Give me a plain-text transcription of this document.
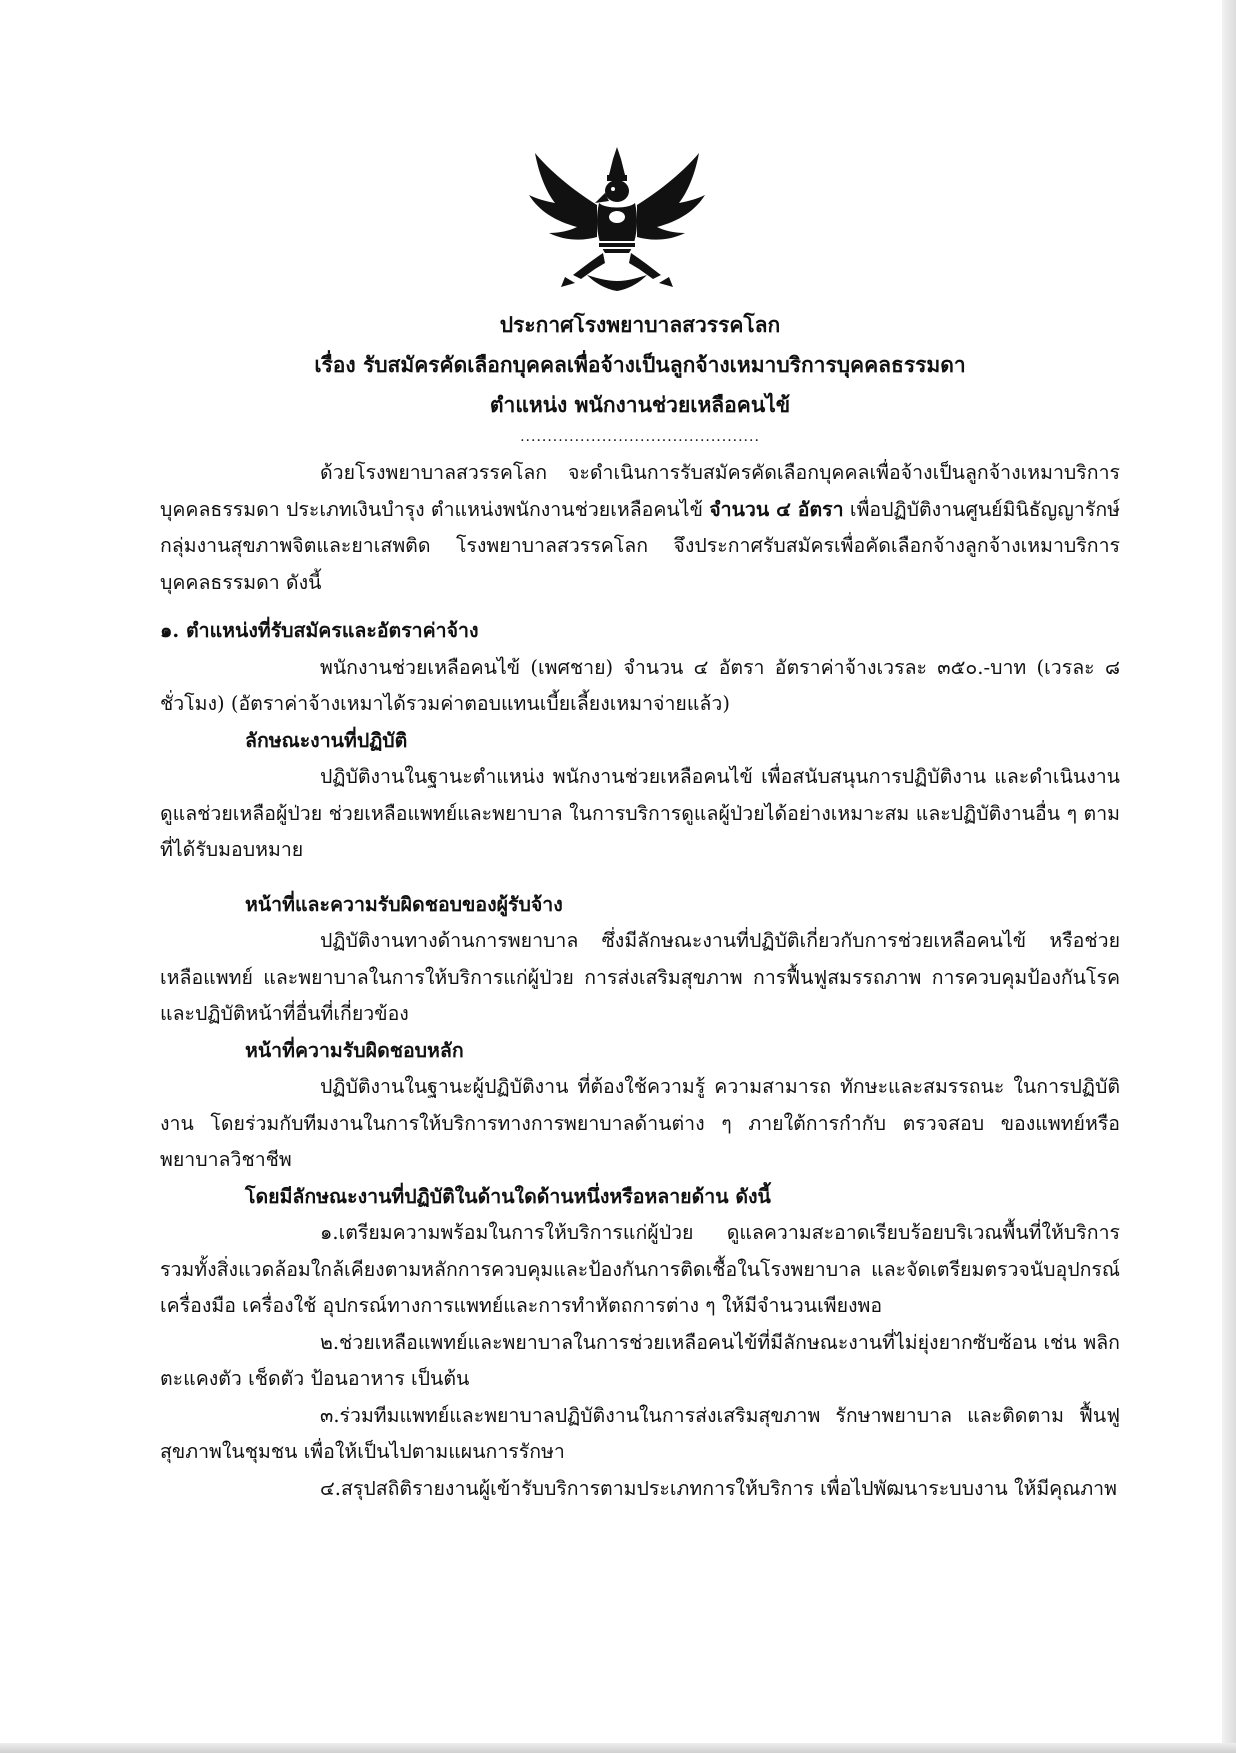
ประกาศโรงพยาบาลสวรรคโลก
เรื่อง รับสมัครคัดเลือกบุคคลเพื่อจ้างเป็นลูกจ้างเหมาบริการบุคคลธรรมดา
ตำแหน่ง พนักงานช่วยเหลือคนไข้
............................................

ด้วยโรงพยาบาลสวรรคโลก จะดำเนินการรับสมัครคัดเลือกบุคคลเพื่อจ้างเป็นลูกจ้างเหมาบริการบุคคลธรรมดา ประเภทเงินบำรุง ตำแหน่งพนักงานช่วยเหลือคนไข้ จำนวน ๔ อัตรา เพื่อปฏิบัติงานศูนย์มินิธัญญารักษ์ กลุ่มงานสุขภาพจิตและยาเสพติด โรงพยาบาลสวรรคโลก จึงประกาศรับสมัครเพื่อคัดเลือกจ้างลูกจ้างเหมาบริการบุคคลธรรมดา ดังนี้

๑. ตำแหน่งที่รับสมัครและอัตราค่าจ้าง

พนักงานช่วยเหลือคนไข้ (เพศชาย) จำนวน ๔ อัตรา อัตราค่าจ้างเวรละ ๓๕๐.-บาท (เวรละ ๘ ชั่วโมง) (อัตราค่าจ้างเหมาได้รวมค่าตอบแทนเบี้ยเลี้ยงเหมาจ่ายแล้ว)

ลักษณะงานที่ปฏิบัติ

ปฏิบัติงานในฐานะตำแหน่ง พนักงานช่วยเหลือคนไข้ เพื่อสนับสนุนการปฏิบัติงาน และดำเนินงานดูแลช่วยเหลือผู้ป่วย ช่วยเหลือแพทย์และพยาบาล ในการบริการดูแลผู้ป่วยได้อย่างเหมาะสม และปฏิบัติงานอื่น ๆ ตามที่ได้รับมอบหมาย

หน้าที่และความรับผิดชอบของผู้รับจ้าง

ปฏิบัติงานทางด้านการพยาบาล ซึ่งมีลักษณะงานที่ปฏิบัติเกี่ยวกับการช่วยเหลือคนไข้ หรือช่วยเหลือแพทย์ และพยาบาลในการให้บริการแก่ผู้ป่วย การส่งเสริมสุขภาพ การฟื้นฟูสมรรถภาพ การควบคุมป้องกันโรค และปฏิบัติหน้าที่อื่นที่เกี่ยวข้อง

หน้าที่ความรับผิดชอบหลัก

ปฏิบัติงานในฐานะผู้ปฏิบัติงาน ที่ต้องใช้ความรู้ ความสามารถ ทักษะและสมรรถนะ ในการปฏิบัติงาน โดยร่วมกับทีมงานในการให้บริการทางการพยาบาลด้านต่าง ๆ ภายใต้การกำกับ ตรวจสอบ ของแพทย์หรือพยาบาลวิชาชีพ

โดยมีลักษณะงานที่ปฏิบัติในด้านใดด้านหนึ่งหรือหลายด้าน ดังนี้

๑.เตรียมความพร้อมในการให้บริการแก่ผู้ป่วย ดูแลความสะอาดเรียบร้อยบริเวณพื้นที่ให้บริการรวมทั้งสิ่งแวดล้อมใกล้เคียงตามหลักการควบคุมและป้องกันการติดเชื้อในโรงพยาบาล และจัดเตรียมตรวจนับอุปกรณ์ เครื่องมือ เครื่องใช้ อุปกรณ์ทางการแพทย์และการทำหัตถการต่าง ๆ ให้มีจำนวนเพียงพอ

๒.ช่วยเหลือแพทย์และพยาบาลในการช่วยเหลือคนไข้ที่มีลักษณะงานที่ไม่ยุ่งยากซับซ้อน เช่น พลิกตะแคงตัว เช็ดตัว ป้อนอาหาร เป็นต้น

๓.ร่วมทีมแพทย์และพยาบาลปฏิบัติงานในการส่งเสริมสุขภาพ รักษาพยาบาล และติดตาม ฟื้นฟูสุขภาพในชุมชน เพื่อให้เป็นไปตามแผนการรักษา

๔.สรุปสถิติรายงานผู้เข้ารับบริการตามประเภทการให้บริการ เพื่อไปพัฒนาระบบงาน ให้มีคุณภาพ
